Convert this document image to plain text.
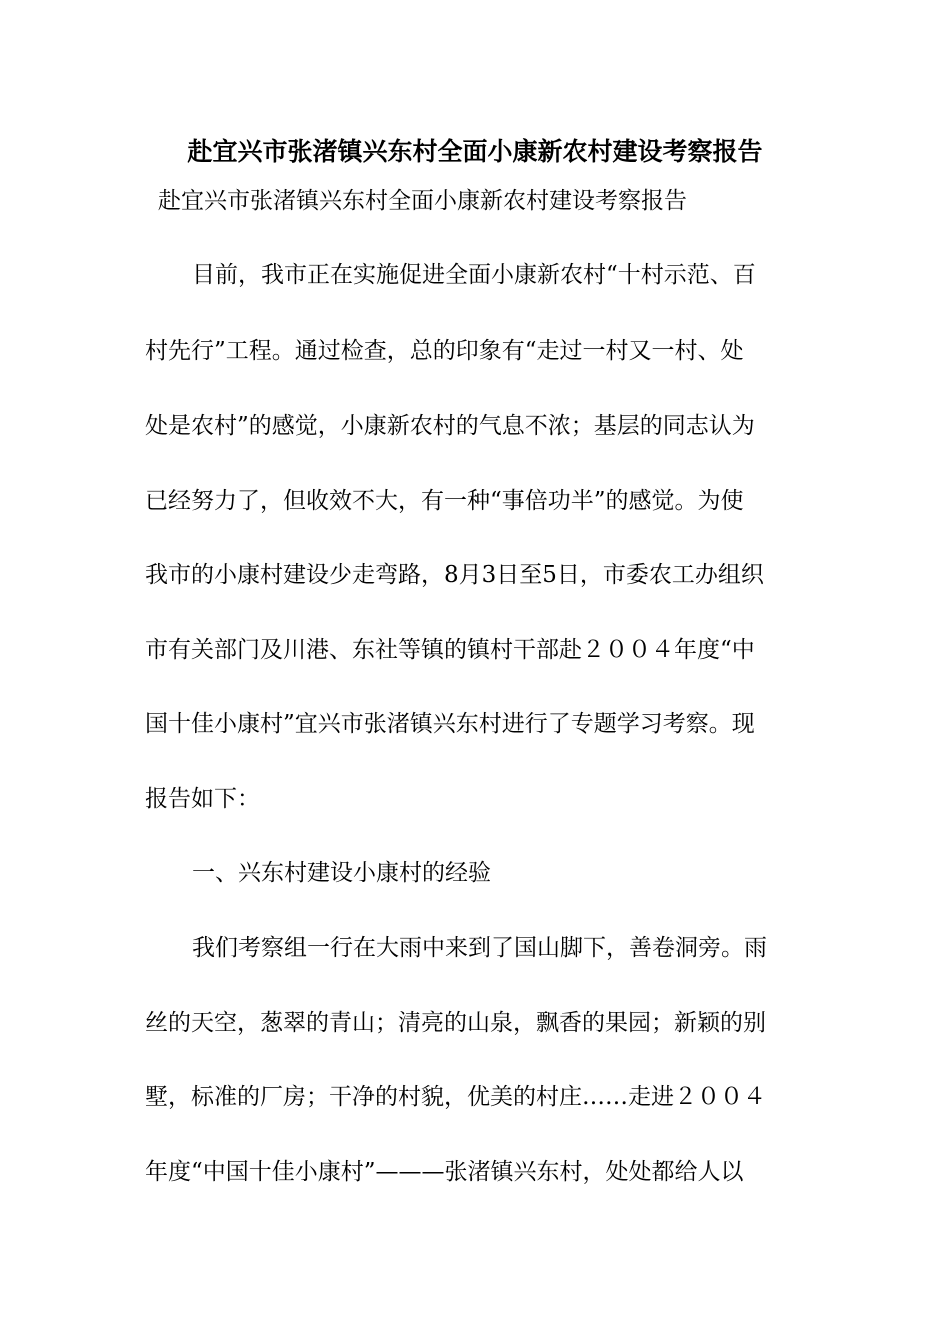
赴宜兴市张渚镇兴东村全面小康新农村建设考察报告
赴宜兴市张渚镇兴东村全面小康新农村建设考察报告
目前，我市正在实施促进全面小康新农村“十村示范、百
村先行”工程。通过检查，总的印象有“走过一村又一村、处
处是农村”的感觉，小康新农村的气息不浓；基层的同志认为
已经努力了，但收效不大，有一种“事倍功半”的感觉。为使
我市的小康村建设少走弯路，8月3日至5日，市委农工办组织
市有关部门及川港、东社等镇的镇村干部赴２００４年度“中
国十佳小康村”宜兴市张渚镇兴东村进行了专题学习考察。现
报告如下：
一、兴东村建设小康村的经验
我们考察组一行在大雨中来到了国山脚下，善卷洞旁。雨
丝的天空，葱翠的青山；清亮的山泉，飘香的果园；新颖的别
墅，标准的厂房；干净的村貌，优美的村庄……走进２００４
年度“中国十佳小康村”———张渚镇兴东村，处处都给人以
